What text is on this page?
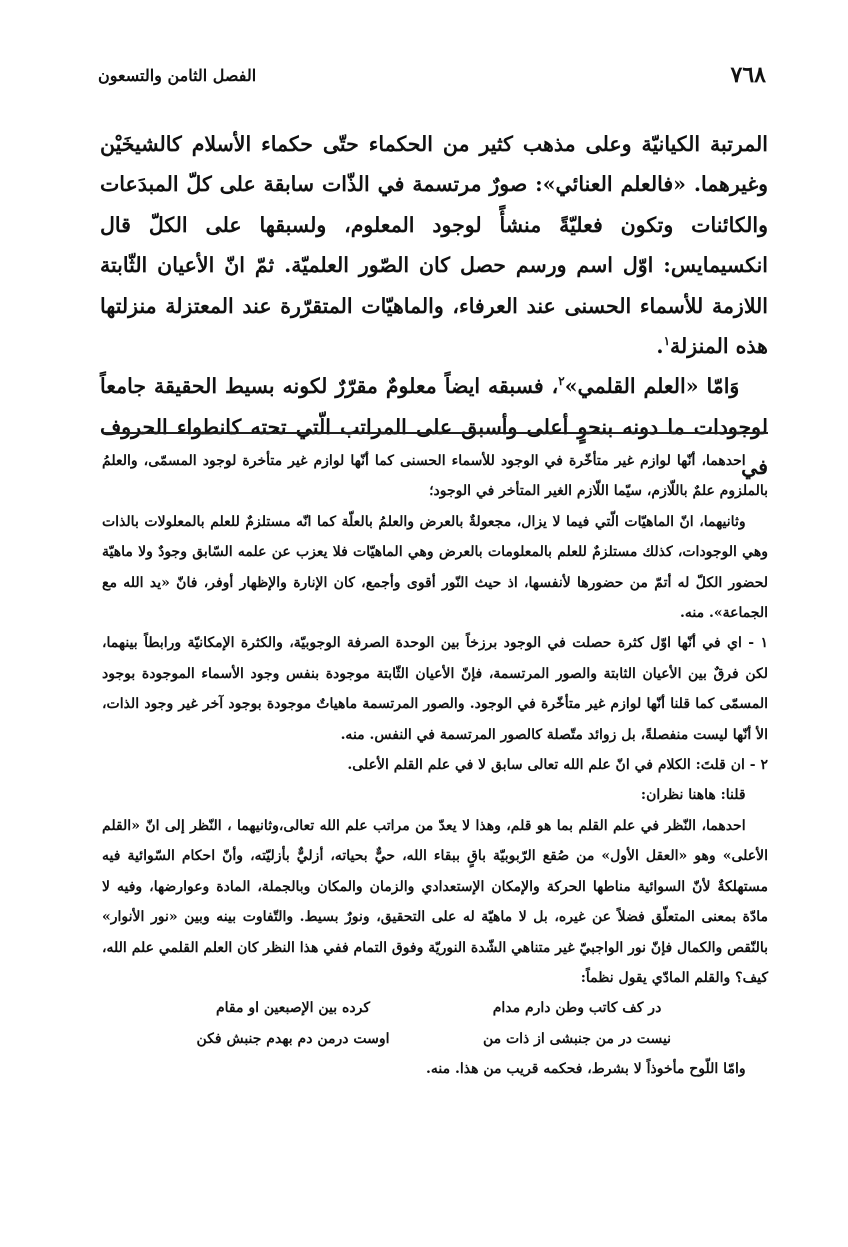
٧٦٨
الفصل الثامن والتسعون

المرتبة الكيانيّة وعلى مذهب كثير من الحكماء حتّى حكماء الأسلام كالشيخَيْن وغيرهما. «فالعلم العنائي»: صورٌ مرتسمة في الذّات سابقة على كلّ المبدَعات والكائنات وتكون فعليّةً منشأً لوجود المعلوم، ولسبقها على الكلّ قال انكسيمايس: اوّل اسم ورسم حصل كان الصّور العلميّة. ثمّ انّ الأعيان الثّابتة اللازمة للأسماء الحسنى عند العرفاء، والماهيّات المتقرّرة عند المعتزلة منزلتها هذه المنزلة$^١$.

وَامّا «العلم القلمي»$^٢$، فسبقه ايضاً معلومٌ مقرّرٌ لكونه بسيط الحقيقة جامعاً لوجودات ما دونه بنحوٍ أعلى وأسبق على المراتب الّتي تحته كانطواء الحروف في

احدهما، أنّها لوازم غير متأخّرة في الوجود للأسماء الحسنى كما أنّها لوازم غير متأخرة لوجود المسمّى، والعلمُ بالملزوم علمٌ باللّازم، سيّما اللّازم الغير المتأخر في الوجود؛

وثانيهما، انّ الماهيّات الّتي فيما لا يزال، مجعولةٌ بالعرض والعلمُ بالعلّة كما انّه مستلزمٌ للعلم بالمعلولات بالذات وهي الوجودات، كذلك مستلزمٌ للعلم بالمعلومات بالعرض وهي الماهيّات فلا يعزب عن علمه السّابق وجودٌ ولا ماهيّة لحضور الكلّ له أتمّ من حضورها لأنفسها، اذ حيث النّور أقوى وأجمع، كان الإنارة والإظهار أوفر، فانّ «يد الله مع الجماعة». منه.

١ - اي في أنّها اوّل كثرة حصلت في الوجود برزخاً بين الوحدة الصرفة الوجوبيّة، والكثرة الإمكانيّة ورابطاً بينهما، لكن فرقٌ بين الأعيان الثابتة والصور المرتسمة، فإنّ الأعيان الثّابتة موجودة بنفس وجود الأسماء الموجودة بوجود المسمّى كما قلنا أنّها لوازم غير متأخّرة في الوجود. والصور المرتسمة ماهياتٌ موجودة بوجود آخر غير وجود الذات، الأ أنّها ليست منفصلةً، بل زوائد متّصلة كالصور المرتسمة في النفس. منه.

٢ - ان قلتَ: الكلام في انّ علم الله تعالى سابق لا في علم القلم الأعلى.

قلنا: هاهنا نظران:

احدهما، النّظر في علم القلم بما هو قلم، وهذا لا يعدّ من مراتب علم الله تعالى،وثانيهما ، النّظر إلى انّ «القلم الأعلى» وهو «العقل الأول» من صُقع الرّبوبيّة باقٍ ببقاء الله، حيٌّ بحياته، أزليٌّ بأزليّته، وأنّ احكام السّوائية فيه مستهلكةٌ لأنّ السوائية مناطها الحركة والإمكان الإستعدادي والزمان والمكان وبالجملة، المادة وعوارضها، وفيه لا مادّة بمعنى المتعلّق فضلاً عن غيره، بل لا ماهيّة له على التحقيق، ونورٌ بسيط. والتّفاوت بينه وبين «نور الأنوار» بالنّقص والكمال فإنّ نور الواجبيّ غير متناهي الشّدة النوريّة وفوق التمام ففي هذا النظر كان العلم القلمي علم الله، كيف؟ والقلم المادّي يقول نظماً:

در كف كاتب وطن دارم مدام
كرده بين الإصبعين او مقام
نيست در من جنبشى از ذات من
اوست درمن دم بهدم جنبش فكن

وامّا اللّوح مأخوذاً لا بشرط، فحكمه قريب من هذا. منه.
